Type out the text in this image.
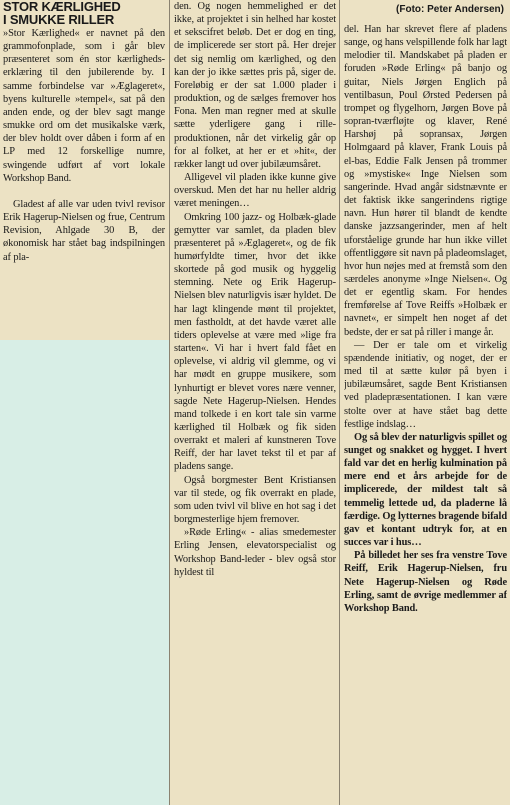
(Foto: Peter Andersen)
STOR KÆRLIGHED
I SMUKKE RILLER

»Stor Kærlighed« er navnet på den grammofonplade, som i går blev præsenteret som én stor kærligheds-erklæring til den jubilerende by. I samme forbindelse var »Æglageret«, byens kulturelle »tempel«, sat på den anden ende, og der blev sagt mange smukke ord om det musikalske værk, der blev holdt over dåben i form af en LP med 12 forskellige numre, swingende udført af vort lokale Workshop Band.

Gladest af alle var uden tvivl revisor Erik Hagerup-Nielsen og frue, Centrum Revision, Ahlgade 30 B, der økonomisk har stået bag indspilningen af pla-

den. Og nogen hemmelighed er det ikke, at projektet i sin helhed har kostet et sekscifret beløb. Det er dog en ting, de implicerede ser stort på. Her drejer det sig nemlig om kærlighed, og den kan der jo ikke sættes pris på, siger de. Foreløbig er der sat 1.000 plader i produktion, og de sælges fremover hos Fona. Men man regner med at skulle sætte yderligere gang i rille-produktionen, når det virkelig går op for al folket, at her er et »hit«, der rækker langt ud over jubilæumsåret.

Alligevel vil pladen ikke kunne give overskud. Men det har nu heller aldrig været meningen…

Omkring 100 jazz- og Holbæk-glade gemytter var samlet, da pladen blev præsenteret på »Æglageret«, og de fik humørfyldte timer, hvor det ikke skortede på god musik og hyggelig stemning. Nete og Erik Hagerup-Nielsen blev naturligvis især hyldet. De har lagt klingende mønt til projektet, men fastholdt, at det havde været alle tiders oplevelse at være med »lige fra starten«. Vi har i hvert fald fået en oplevelse, vi aldrig vil glemme, og vi har mødt en gruppe musikere, som lynhurtigt er blevet vores nære venner, sagde Nete Hagerup-Nielsen. Hendes mand tolkede i en kort tale sin varme kærlighed til Holbæk og fik siden overrakt et maleri af kunstneren Tove Reiff, der har lavet tekst til et par af pladens sange.

Også borgmester Bent Kristiansen var til stede, og fik overrakt en plade, som uden tvivl vil blive en hot sag i det borgmesterlige hjem fremover.

»Røde Erling« - alias smedemester Erling Jensen, elevatorspecialist og Workshop Band-leder - blev også stor hyldest til

del. Han har skrevet flere af pladens sange, og hans velspillende folk har lagt melodier til. Mandskabet på pladen er foruden »Røde Erling« på banjo og guitar, Niels Jørgen Englich på ventilbasun, Poul Ørsted Pedersen på trompet og flygelhorn, Jørgen Bove på sopran-tværfløjte og klaver, René Harshøj på sopransax, Jørgen Holmgaard på klaver, Frank Louis på el-bas, Eddie Falk Jensen på trommer og »mystiske« Inge Nielsen som sangerinde. Hvad angår sidstnævnte er det faktisk ikke sangerindens rigtige navn. Hun hører til blandt de kendte danske jazzsangerinder, men af helt uforståelige grunde har hun ikke villet offentliggøre sit navn på pladeomslaget, hvor hun nøjes med at fremstå som den særdeles anonyme »Inge Nielsen«. Og det er egentlig skam. For hendes fremførelse af Tove Reiffs »Holbæk er navnet«, er simpelt hen noget af det bedste, der er sat på riller i mange år.

— Der er tale om et virkelig spændende initiativ, og noget, der er med til at sætte kulør på byen i jubilæumsåret, sagde Bent Kristiansen ved pladepræsentationen. I kan være stolte over at have stået bag dette festlige indslag…

Og så blev der naturligvis spillet og sunget og snakket og hygget. I hvert fald var det en herlig kulmination på mere end et års arbejde for de implicerede, der mildest talt så temmelig lettede ud, da pladerne lå færdige. Og lytternes bragende bifald gav et kontant udtryk for, at en succes var i hus…

På billedet her ses fra venstre Tove Reiff, Erik Hagerup-Nielsen, fru Nete Hagerup-Nielsen og Røde Erling, samt de øvrige medlemmer af Workshop Band.
